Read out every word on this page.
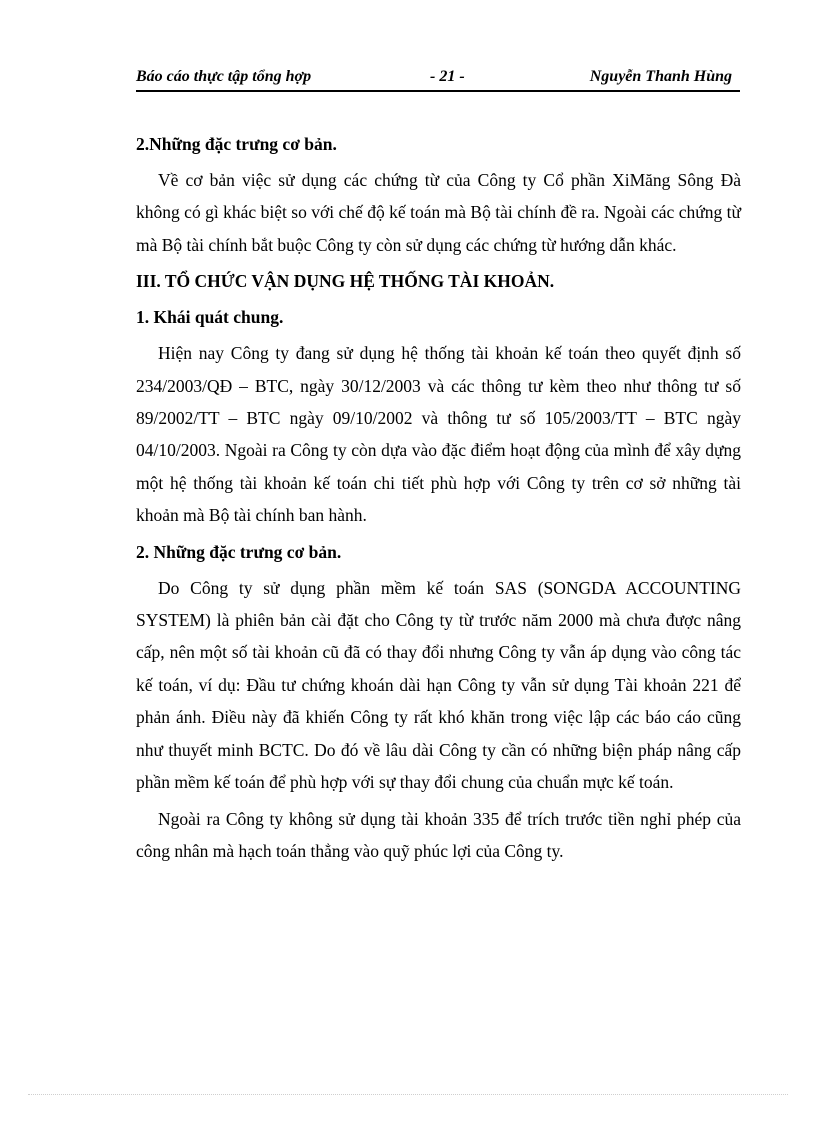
Báo cáo thực tập tổng hợp	- 21 -	Nguyễn Thanh Hùng

2.Những đặc trưng cơ bản.

Về cơ bản việc sử dụng các chứng từ của Công ty Cổ phần XiMăng Sông Đà không có gì khác biệt so với chế độ kế toán mà Bộ tài chính đề ra. Ngoài các chứng từ mà Bộ tài chính bắt buộc Công ty còn sử dụng các chứng từ hướng dẫn khác.

III. TỔ CHỨC VẬN DỤNG HỆ THỐNG TÀI KHOẢN.

1. Khái quát chung.

Hiện nay Công ty đang sử dụng hệ thống tài khoản kế toán theo quyết định số 234/2003/QĐ – BTC, ngày 30/12/2003 và các thông tư kèm theo như thông tư số 89/2002/TT – BTC ngày 09/10/2002 và thông tư số 105/2003/TT – BTC ngày 04/10/2003. Ngoài ra Công ty còn dựa vào đặc điểm hoạt động của mình để xây dựng một hệ thống tài khoản kế toán chi tiết phù hợp với Công ty trên cơ sở những tài khoản mà Bộ tài chính ban hành.

2. Những đặc trưng cơ bản.

Do Công ty sử dụng phần mềm kế toán SAS (SONGDA ACCOUNTING SYSTEM) là phiên bản cài đặt cho Công ty từ trước năm 2000 mà chưa được nâng cấp, nên một số tài khoản cũ đã có thay đổi nhưng Công ty vẫn áp dụng vào công tác kế toán, ví dụ: Đầu tư chứng khoán dài hạn Công ty vẫn sử dụng Tài khoản 221 để phản ánh. Điều này đã khiến Công ty rất khó khăn trong việc lập các báo cáo cũng như thuyết minh BCTC. Do đó về lâu dài Công ty cần có những biện pháp nâng cấp phần mềm kế toán để phù hợp với sự thay đổi chung của chuẩn mực kế toán.

Ngoài ra Công ty không sử dụng tài khoản 335 để trích trước tiền nghỉ phép của công nhân mà hạch toán thẳng vào quỹ phúc lợi của Công ty.
